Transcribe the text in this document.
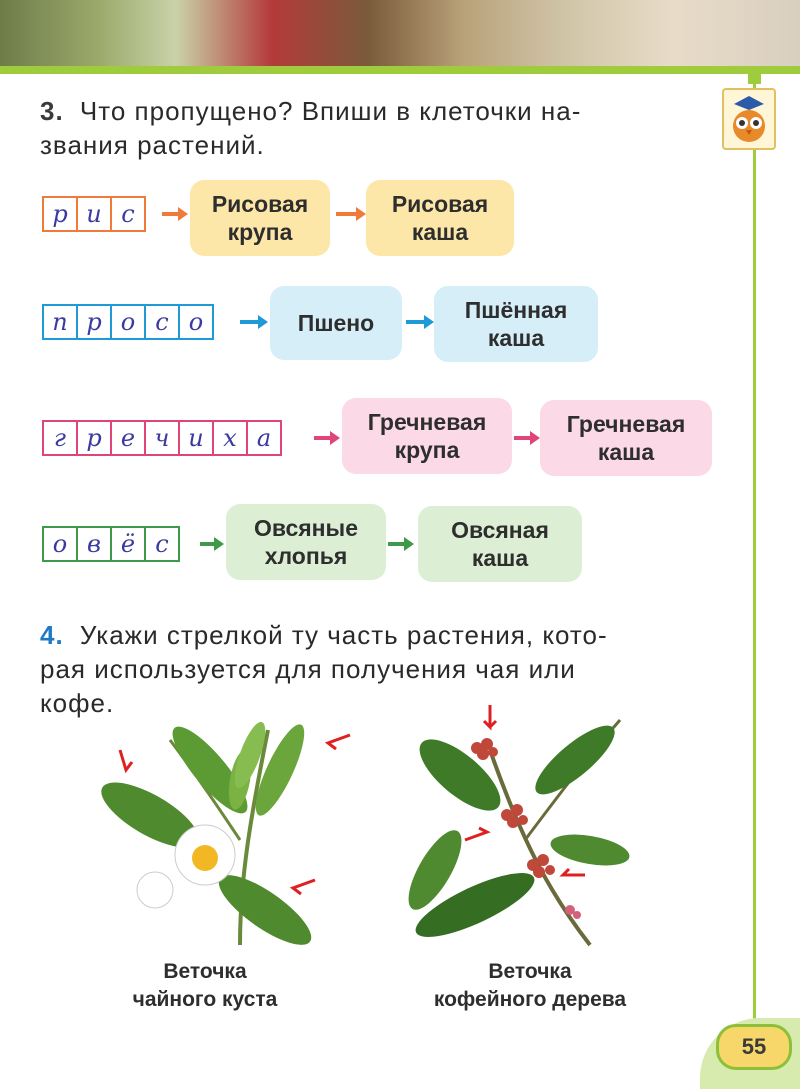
3. Что пропущено? Впиши в клеточки на-
звания растений.
р и с	Рисовая
крупа
Рисовая
каша
п р о с о	Пшено	Пшённая
каша
г р е ч и х а
Гречневая
крупа
Гречневая
каша
о в ё с
Овсяные
хлопья
Овсяная
каша
4. Укажи стрелкой ту часть растения, кото-
рая используется для получения чая или
кофе.
Веточка
чайного куста
Веточка
кофейного дерева
55
